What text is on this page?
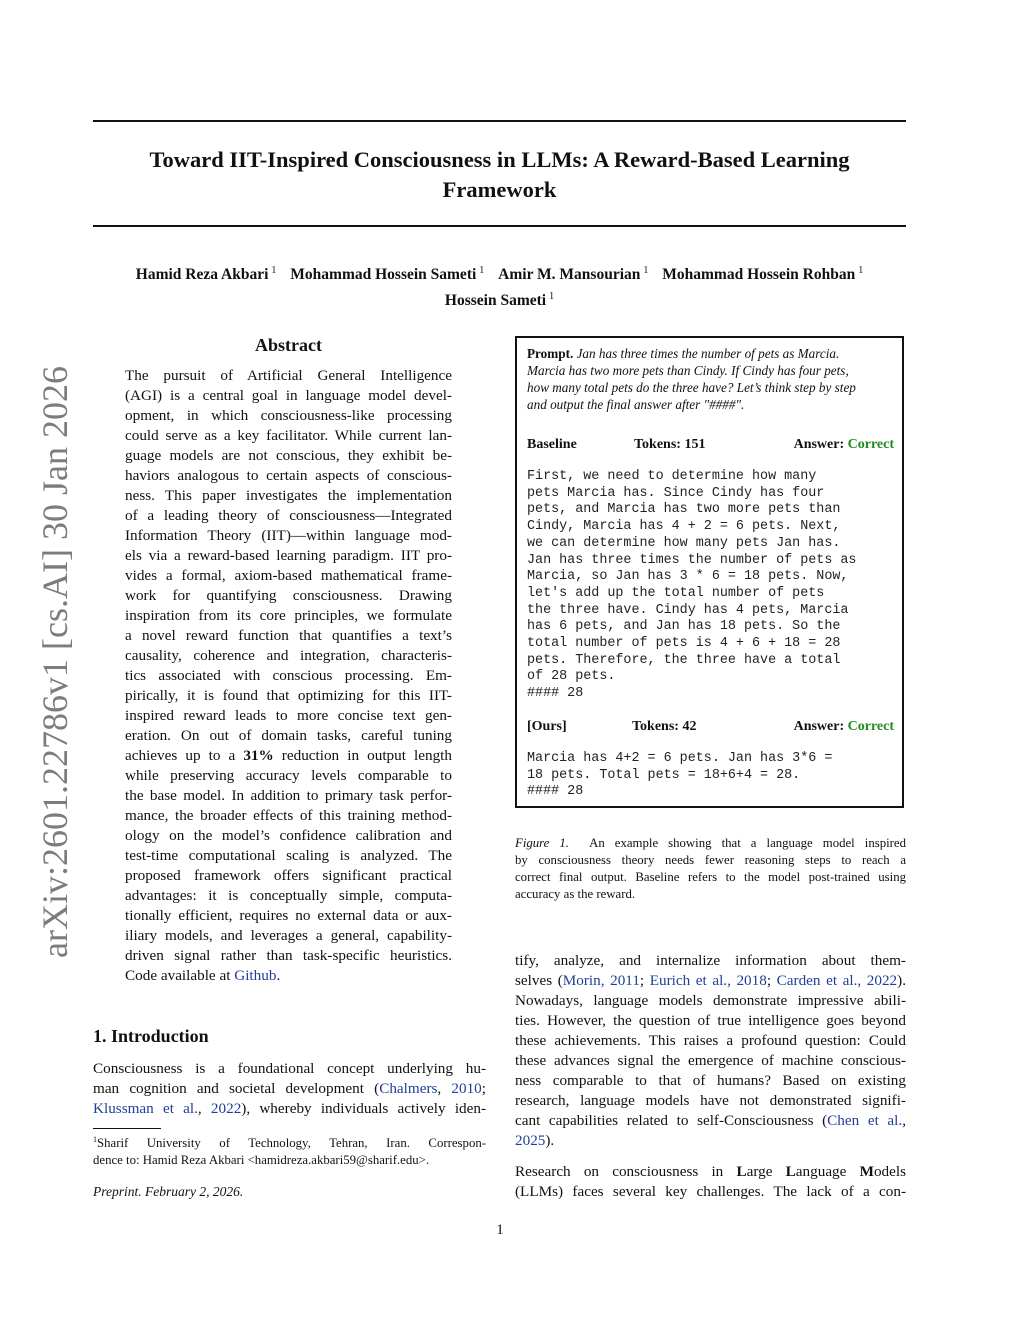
arXiv:2601.22786v1 [cs.AI] 30 Jan 2026
Toward IIT-Inspired Consciousness in LLMs: A Reward-Based Learning
Framework
Hamid Reza Akbari $^1$ Mohammad Hossein Sameti $^1$ Amir M. Mansourian $^1$ Mohammad Hossein Rohban $^1$
Hossein Sameti $^1$
Abstract
The pursuit of Artificial General Intelligence
(AGI) is a central goal in language model devel-
opment, in which consciousness-like processing
could serve as a key facilitator. While current lan-
guage models are not conscious, they exhibit be-
haviors analogous to certain aspects of conscious-
ness. This paper investigates the implementation
of a leading theory of consciousness—Integrated
Information Theory (IIT)—within language mod-
els via a reward-based learning paradigm. IIT pro-
vides a formal, axiom-based mathematical frame-
work for quantifying consciousness. Drawing
inspiration from its core principles, we formulate
a novel reward function that quantifies a text’s
causality, coherence and integration, characteris-
tics associated with conscious processing. Em-
pirically, it is found that optimizing for this IIT-
inspired reward leads to more concise text gen-
eration. On out of domain tasks, careful tuning
achieves up to a 31% reduction in output length
while preserving accuracy levels comparable to
the base model. In addition to primary task perfor-
mance, the broader effects of this training method-
ology on the model’s confidence calibration and
test-time computational scaling is analyzed. The
proposed framework offers significant practical
advantages: it is conceptually simple, computa-
tionally efficient, requires no external data or aux-
iliary models, and leverages a general, capability-
driven signal rather than task-specific heuristics.
Code available at Github.
1. Introduction
Consciousness is a foundational concept underlying hu-
man cognition and societal development (Chalmers, 2010;
Klussman et al., 2022), whereby individuals actively iden-
$^1$Sharif University of Technology, Tehran, Iran. Correspon-
dence to: Hamid Reza Akbari <hamidreza.akbari59@sharif.edu>.
Preprint. February 2, 2026.
1
Prompt. Jan has three times the number of pets as Marcia.
Marcia has two more pets than Cindy. If Cindy has four pets,
how many total pets do the three have? Let’s think step by step
and output the final answer after "####".
Baseline	Tokens: 151	Answer: Correct
First, we need to determine how many
pets Marcia has. Since Cindy has four
pets, and Marcia has two more pets than
Cindy, Marcia has 4 + 2 = 6 pets. Next,
we can determine how many pets Jan has.
Jan has three times the number of pets as
Marcia, so Jan has 3 * 6 = 18 pets. Now,
let's add up the total number of pets
the three have. Cindy has 4 pets, Marcia
has 6 pets, and Jan has 18 pets. So the
total number of pets is 4 + 6 + 18 = 28
pets. Therefore, the three have a total
of 28 pets.
#### 28
[Ours]	Tokens: 42	Answer: Correct
Marcia has 4+2 = 6 pets. Jan has 3*6 =
18 pets. Total pets = 18+6+4 = 28.
#### 28
Figure 1. An example showing that a language model inspired
by consciousness theory needs fewer reasoning steps to reach a
correct final output. Baseline refers to the model post-trained using
accuracy as the reward.
tify, analyze, and internalize information about them-
selves (Morin, 2011; Eurich et al., 2018; Carden et al., 2022).
Nowadays, language models demonstrate impressive abili-
ties. However, the question of true intelligence goes beyond
these achievements. This raises a profound question: Could
these advances signal the emergence of machine conscious-
ness comparable to that of humans? Based on existing
research, language models have not demonstrated signifi-
cant capabilities related to self-Consciousness (Chen et al.,
2025).
Research on consciousness in Large Language Models
(LLMs) faces several key challenges. The lack of a con-
